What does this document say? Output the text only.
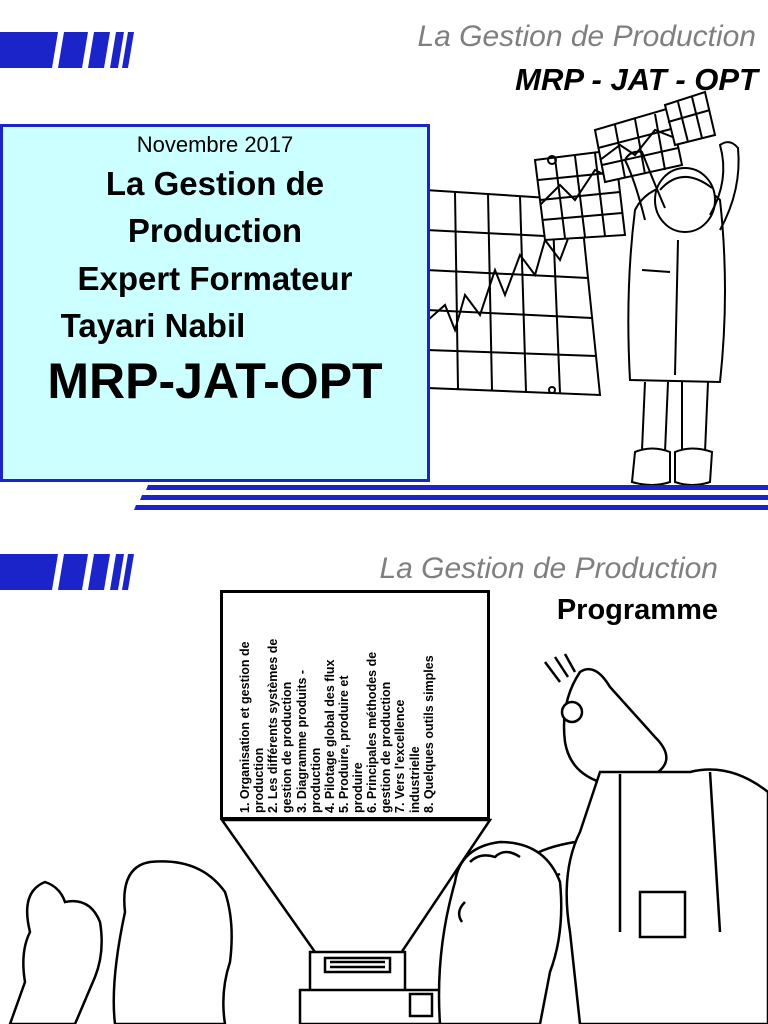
La Gestion de Production
MRP - JAT - OPT
Novembre 2017
La Gestion de
Production
Expert Formateur
Tayari Nabil
MRP-JAT-OPT
La Gestion de Production
Programme
1. Organisation et gestion de production 2. Les différents systèmes de gestion de production 3. Diagramme produits - production 4. Pilotage global des flux 5. Produire, produire et produire 6. Principales méthodes de gestion de production 7. Vers l'excellence industrielle 8. Quelques outils simples
